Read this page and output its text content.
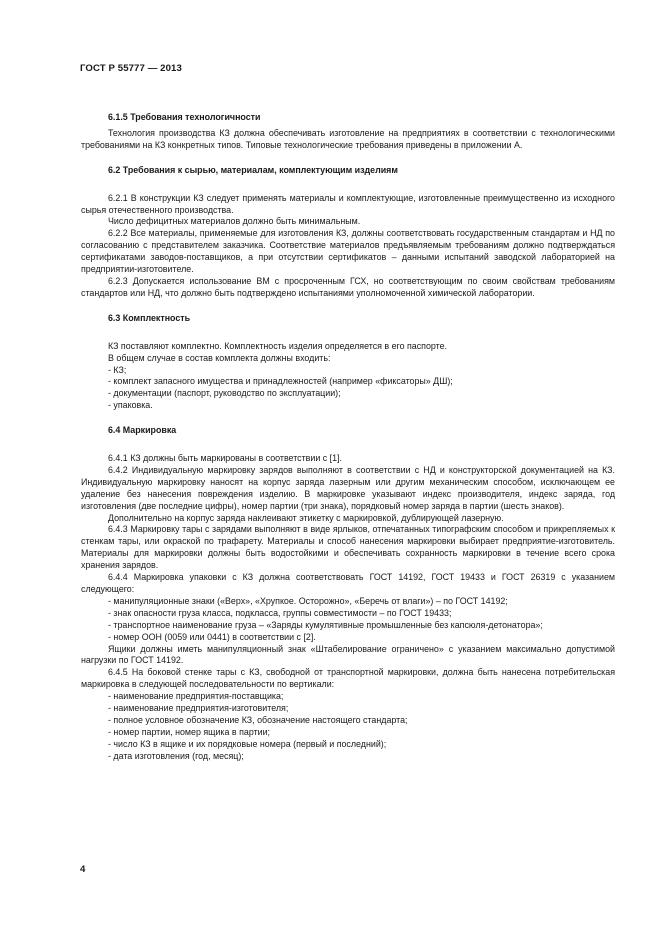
ГОСТ Р 55777 — 2013
6.1.5 Требования технологичности

Технология производства КЗ должна обеспечивать изготовление на предприятиях в соответствии с технологическими требованиями на КЗ конкретных типов. Типовые технологические требования приведены в приложении А.

6.2 Требования к сырью, материалам, комплектующим изделиям

6.2.1 В конструкции КЗ следует применять материалы и комплектующие, изготовленные преимущественно из исходного сырья отечественного производства.

Число дефицитных материалов должно быть минимальным.

6.2.2 Все материалы, применяемые для изготовления КЗ, должны соответствовать государственным стандартам и НД по согласованию с представителем заказчика. Соответствие материалов предъявляемым требованиям должно подтверждаться сертификатами заводов-поставщиков, а при отсутствии сертификатов – данными испытаний заводской лабораторией на предприятии-изготовителе.

6.2.3 Допускается использование ВМ с просроченным ГСХ, но соответствующим по своим свойствам требованиям стандартов или НД, что должно быть подтверждено испытаниями уполномоченной химической лаборатории.

6.3 Комплектность

КЗ поставляют комплектно. Комплектность изделия определяется в его паспорте.

В общем случае в состав комплекта должны входить:

- КЗ;

- комплект запасного имущества и принадлежностей (например «фиксаторы» ДШ);

- документации (паспорт, руководство по эксплуатации);

- упаковка.

6.4 Маркировка

6.4.1 КЗ должны быть маркированы в соответствии с [1].

6.4.2 Индивидуальную маркировку зарядов выполняют в соответствии с НД и конструкторской документацией на КЗ. Индивидуальную маркировку наносят на корпус заряда лазерным или другим механическим способом, исключающем ее удаление без нанесения повреждения изделию. В маркировке указывают индекс производителя, индекс заряда, год изготовления (две последние цифры), номер партии (три знака), порядковый номер заряда в партии (шесть знаков).

Дополнительно на корпус заряда наклеивают этикетку с маркировкой, дублирующей лазерную.

6.4.3 Маркировку тары с зарядами выполняют в виде ярлыков, отпечатанных типографским способом и прикрепляемых к стенкам тары, или окраской по трафарету. Материалы и способ нанесения маркировки выбирает предприятие-изготовитель. Материалы для маркировки должны быть водостойкими и обеспечивать сохранность маркировки в течение всего срока хранения зарядов.

6.4.4 Маркировка упаковки с КЗ должна соответствовать ГОСТ 14192, ГОСТ 19433 и ГОСТ 26319 с указанием следующего:

- манипуляционные знаки («Верх», «Хрупкое. Осторожно», «Беречь от влаги») – по ГОСТ 14192;

- знак опасности груза класса, подкласса, группы совместимости – по ГОСТ 19433;

- транспортное наименование груза – «Заряды кумулятивные промышленные без капсюля-детонатора»;

- номер ООН (0059 или 0441) в соответствии с [2].

Ящики должны иметь манипуляционный знак «Штабелирование ограничено» с указанием максимально допустимой нагрузки по ГОСТ 14192.

6.4.5 На боковой стенке тары с КЗ, свободной от транспортной маркировки, должна быть нанесена потребительская маркировка в следующей последовательности по вертикали:

- наименование предприятия-поставщика;

- наименование предприятия-изготовителя;

- полное условное обозначение КЗ, обозначение настоящего стандарта;

- номер партии, номер ящика в партии;

- число КЗ в ящике и их порядковые номера (первый и последний);

- дата изготовления (год, месяц);

4
